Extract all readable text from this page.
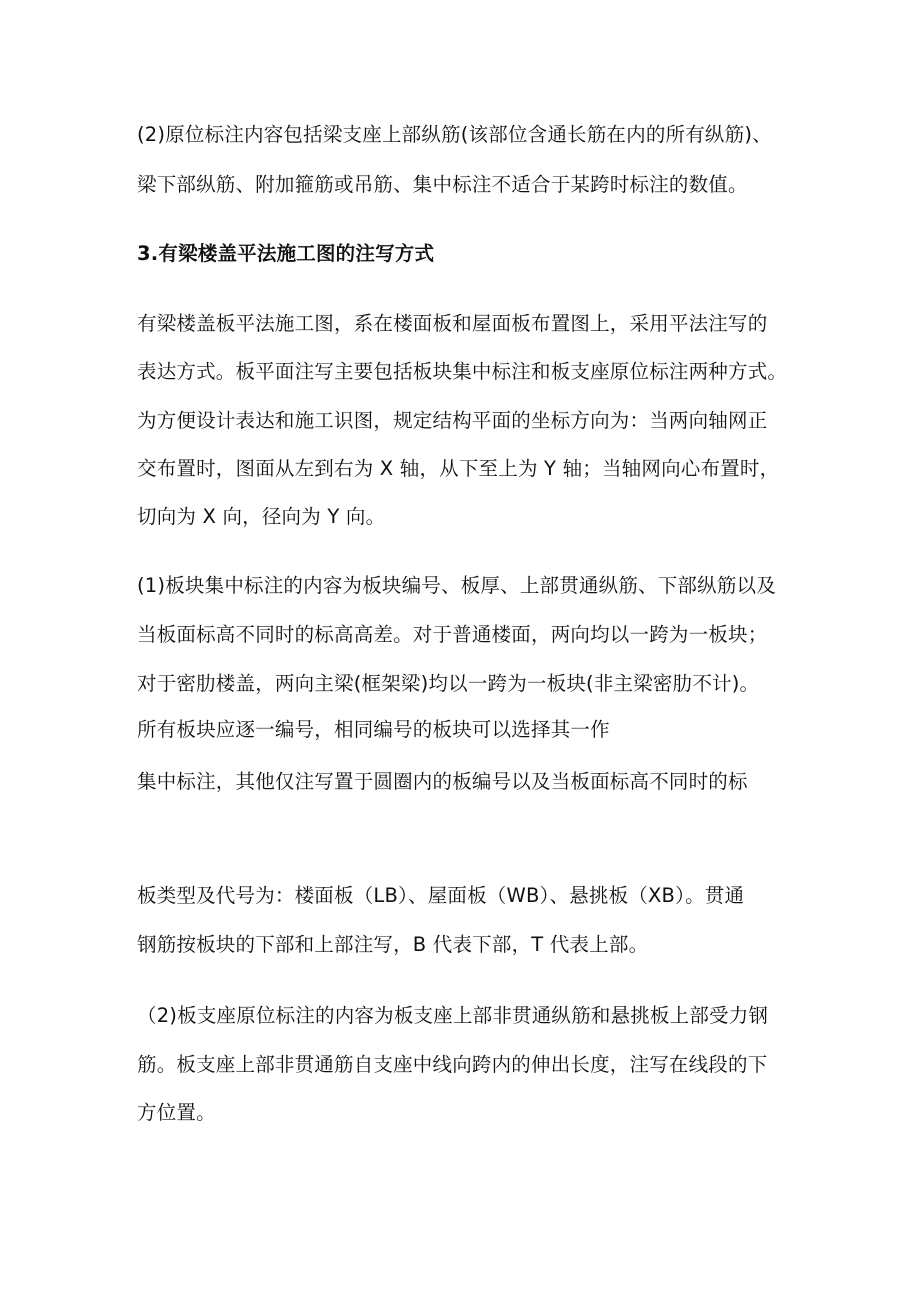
(2)原位标注内容包括梁支座上部纵筋(该部位含通长筋在内的所有纵筋)、
梁下部纵筋、附加箍筋或吊筋、集中标注不适合于某跨时标注的数值。
3.有梁楼盖平法施工图的注写方式
有梁楼盖板平法施工图，系在楼面板和屋面板布置图上，采用平法注写的
表达方式。板平面注写主要包括板块集中标注和板支座原位标注两种方式。
为方便设计表达和施工识图，规定结构平面的坐标方向为：当两向轴网正
交布置时，图面从左到右为 X 轴，从下至上为 Y 轴；当轴网向心布置时，
切向为 X 向，径向为 Y 向。
(1)板块集中标注的内容为板块编号、板厚、上部贯通纵筋、下部纵筋以及
当板面标高不同时的标高高差。对于普通楼面，两向均以一跨为一板块；
对于密肋楼盖，两向主梁(框架梁)均以一跨为一板块(非主梁密肋不计)。
所有板块应逐一编号，相同编号的板块可以选择其一作
集中标注，其他仅注写置于圆圈内的板编号以及当板面标高不同时的标
板类型及代号为：楼面板（LB）、屋面板（WB）、悬挑板（XB）。贯通
钢筋按板块的下部和上部注写，B 代表下部，T 代表上部。
（2)板支座原位标注的内容为板支座上部非贯通纵筋和悬挑板上部受力钢
筋。板支座上部非贯通筋自支座中线向跨内的伸出长度，注写在线段的下
方位置。
